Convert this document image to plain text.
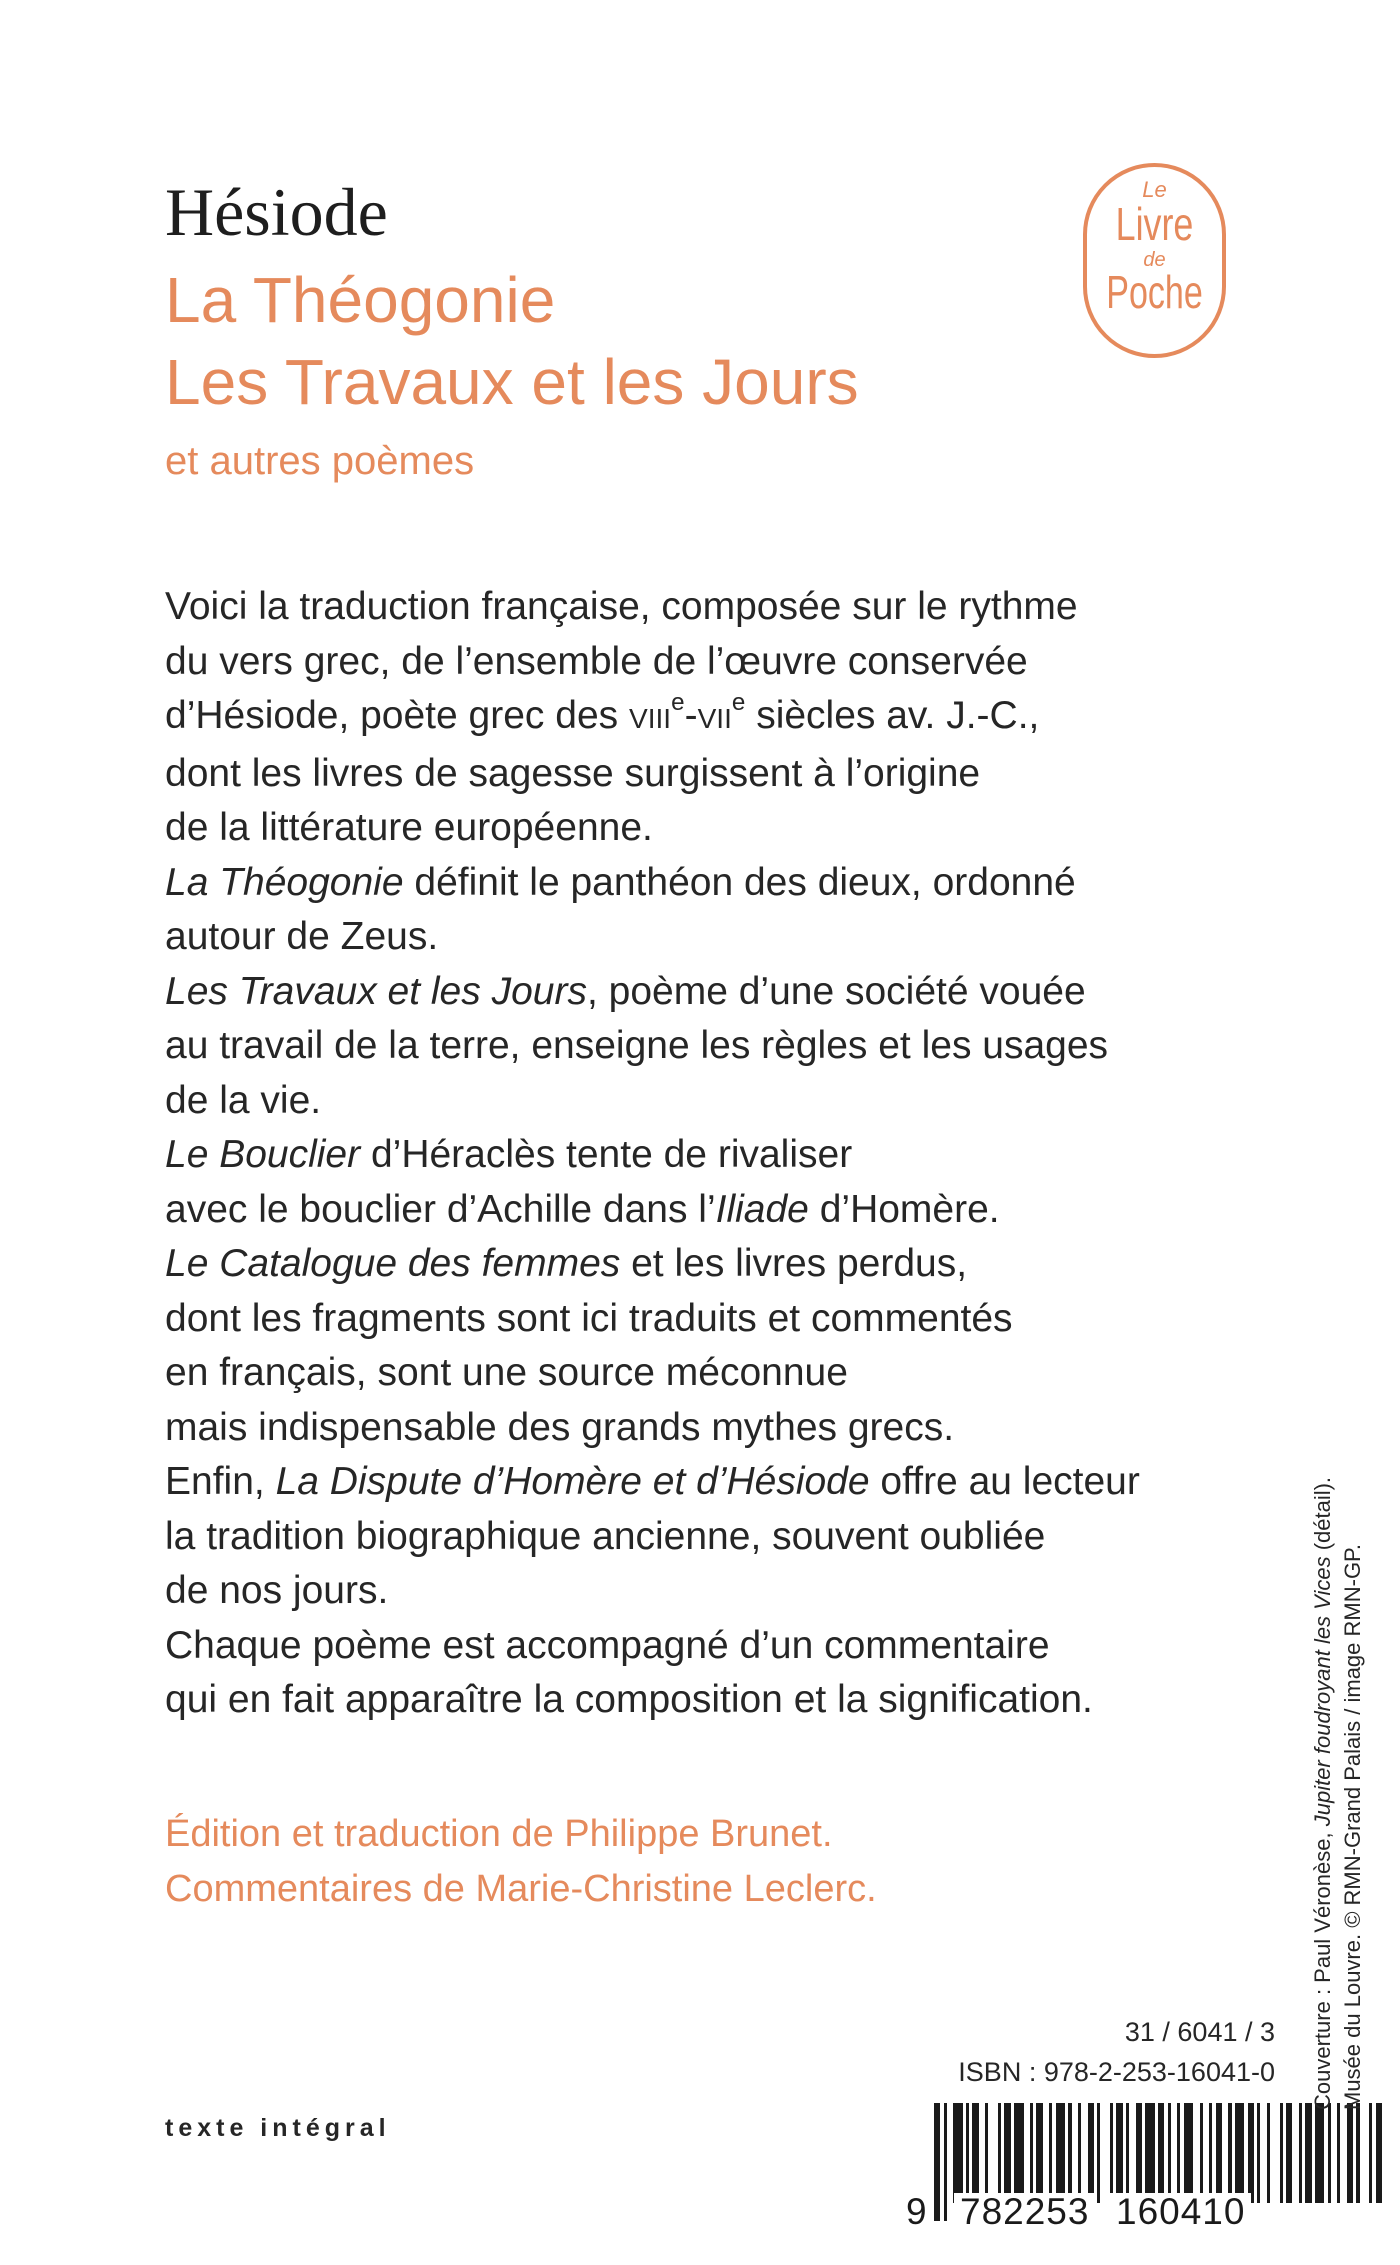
Hésiode
La Théogonie
Les Travaux et les Jours
et autres poèmes
Le
Livre
de
Poche
Voici la traduction française, composée sur le rythme
du vers grec, de l’ensemble de l’œuvre conservée
d’Hésiode, poète grec des VIIIe-VIIe siècles av. J.-C.,
dont les livres de sagesse surgissent à l’origine
de la littérature européenne.
La Théogonie définit le panthéon des dieux, ordonné
autour de Zeus.
Les Travaux et les Jours, poème d’une société vouée
au travail de la terre, enseigne les règles et les usages
de la vie.
Le Bouclier d’Héraclès tente de rivaliser
avec le bouclier d’Achille dans l’Iliade d’Homère.
Le Catalogue des femmes et les livres perdus,
dont les fragments sont ici traduits et commentés
en français, sont une source méconnue
mais indispensable des grands mythes grecs.
Enfin, La Dispute d’Homère et d’Hésiode offre au lecteur
la tradition biographique ancienne, souvent oubliée
de nos jours.
Chaque poème est accompagné d’un commentaire
qui en fait apparaître la composition et la signification.
Édition et traduction de Philippe Brunet.
Commentaires de Marie-Christine Leclerc.
31 / 6041 / 3
ISBN : 978-2-253-16041-0
texte intégral
9 782253 160410
Couverture : Paul Véronèse, Jupiter foudroyant les Vices (détail).
Musée du Louvre. © RMN-Grand Palais / image RMN-GP.
